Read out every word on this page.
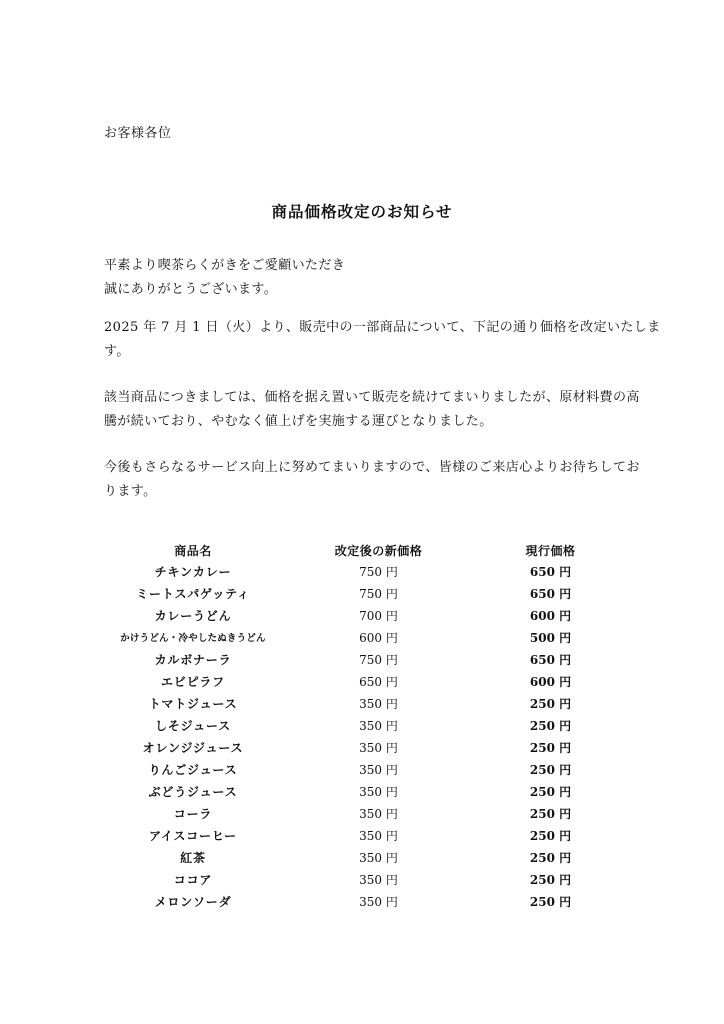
お客様各位
商品価格改定のお知らせ
平素より喫茶らくがきをご愛顧いただき
誠にありがとうございます。
2025 年 7 月 1 日（火）より、販売中の一部商品について、下記の通り価格を改定いたしま
す。
該当商品につきましては、価格を据え置いて販売を続けてまいりましたが、原材料費の高
騰が続いており、やむなく値上げを実施する運びとなりました。
今後もさらなるサービス向上に努めてまいりますので、皆様のご来店心よりお待ちしてお
ります。
商品名	改定後の新価格	現行価格
チキンカレー	750 円	650 円
ミートスパゲッティ	750 円	650 円
カレーうどん	700 円	600 円
かけうどん・冷やしたぬきうどん	600 円	500 円
カルボナーラ	750 円	650 円
エビピラフ	650 円	600 円
トマトジュース	350 円	250 円
しそジュース	350 円	250 円
オレンジジュース	350 円	250 円
りんごジュース	350 円	250 円
ぶどうジュース	350 円	250 円
コーラ	350 円	250 円
アイスコーヒー	350 円	250 円
紅茶	350 円	250 円
ココア	350 円	250 円
メロンソーダ	350 円	250 円
